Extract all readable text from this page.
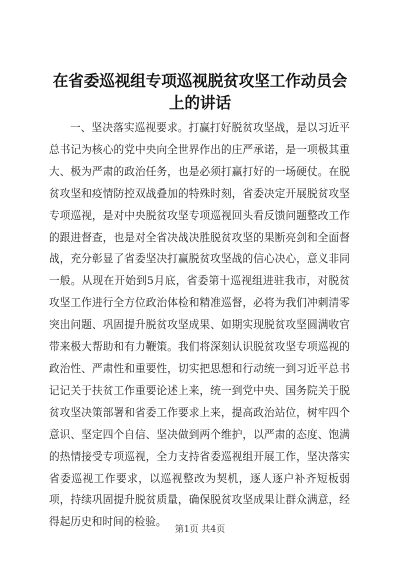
在省委巡视组专项巡视脱贫攻坚工作动员会上的讲话

一、坚决落实巡视要求。打赢打好脱贫攻坚战，是以习近平总书记为核心的党中央向全世界作出的庄严承诺，是一项极其重大、极为严肃的政治任务，也是必须打赢打好的一场硬仗。在脱贫攻坚和疫情防控双战叠加的特殊时刻，省委决定开展脱贫攻坚专项巡视，是对中央脱贫攻坚专项巡视回头看反馈问题整改工作的跟进督查，也是对全省决战决胜脱贫攻坚的果断亮剑和全面督战，充分彰显了省委坚决打赢脱贫攻坚战的信心决心，意义非同一般。从现在开始到5月底，省委第十巡视组进驻我市，对脱贫攻坚工作进行全方位政治体检和精准巡督，必将为我们冲刺清零突出问题、巩固提升脱贫攻坚成果、如期实现脱贫攻坚圆满收官带来极大帮助和有力鞭策。我们将深刻认识脱贫攻坚专项巡视的政治性、严肃性和重要性，切实把思想和行动统一到习近平总书记记关于扶贫工作重要论述上来，统一到党中央、国务院关于脱贫攻坚决策部署和省委工作要求上来，提高政治站位，树牢四个意识、坚定四个自信、坚决做到两个维护，以严肃的态度、饱满的热情接受专项巡视，全力支持省委巡视组开展工作，坚决落实省委巡视工作要求，以巡视整改为契机，逐人逐户补齐短板弱项，持续巩固提升脱贫质量，确保脱贫攻坚成果让群众满意，经得起历史和时间的检验。

第1页 共4页
